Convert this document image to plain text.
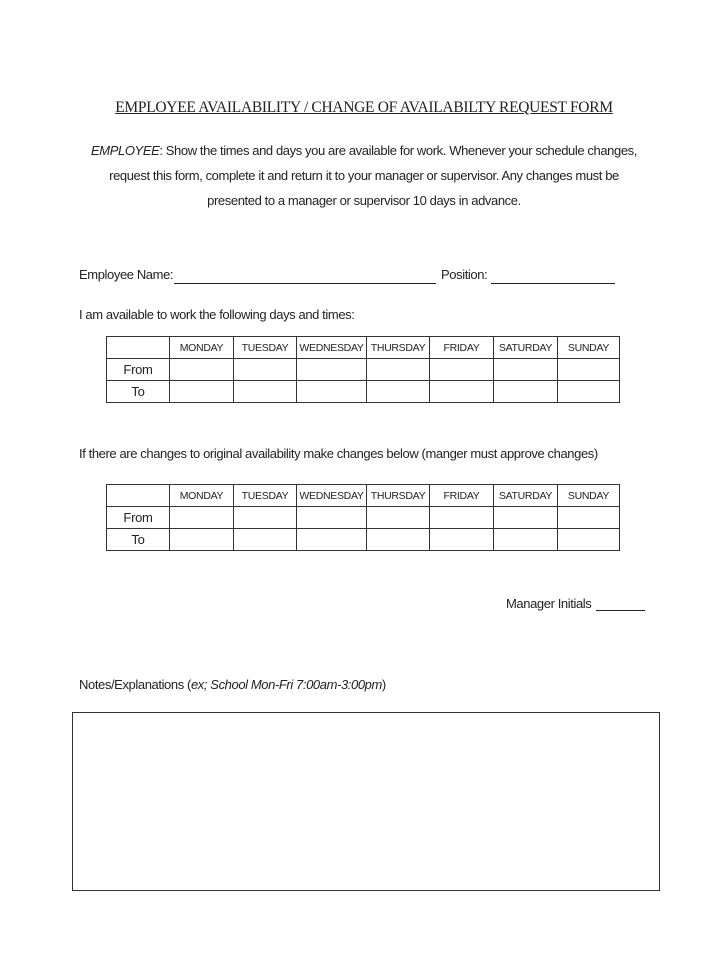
EMPLOYEE AVAILABILITY / CHANGE OF AVAILABILTY REQUEST FORM
EMPLOYEE: Show the times and days you are available for work. Whenever your schedule changes,
request this form, complete it and return it to your manager or supervisor. Any changes must be
presented to a manager or supervisor 10 days in advance.
Employee Name:	Position:
I am available to work the following days and times:
	MONDAY	TUESDAY	WEDNESDAY	THURSDAY	FRIDAY	SATURDAY	SUNDAY
From							
To							
If there are changes to original availability make changes below (manger must approve changes)
	MONDAY	TUESDAY	WEDNESDAY	THURSDAY	FRIDAY	SATURDAY	SUNDAY
From							
To							
Manager Initials
Notes/Explanations (ex; School Mon-Fri 7:00am-3:00pm)
